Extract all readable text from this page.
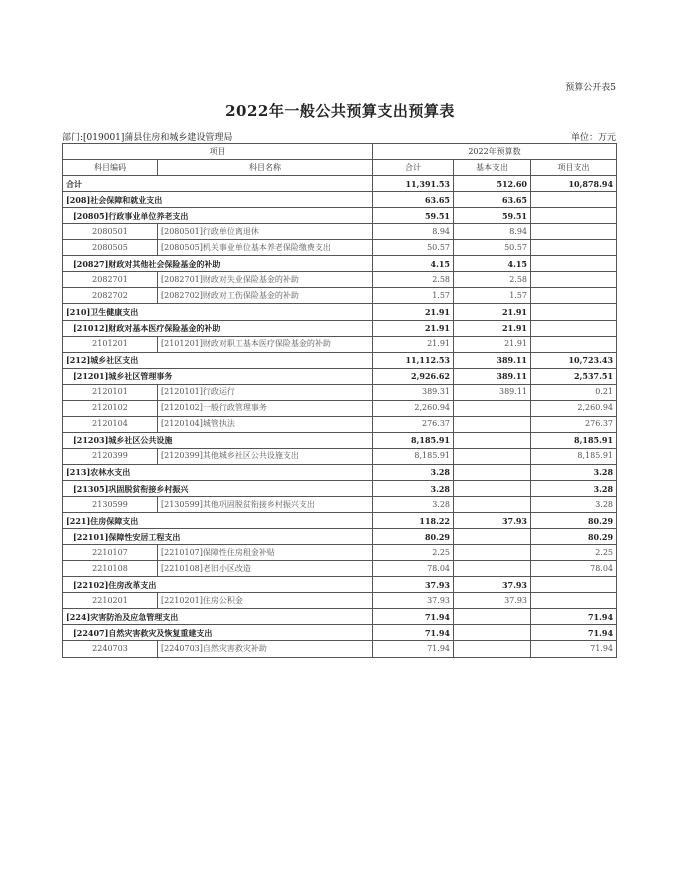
预算公开表5
2022年一般公共预算支出预算表
部门:[019001]蒲县住房和城乡建设管理局	单位：万元
项目		2022年预算数		
科目编码	科目名称	合计	基本支出	项目支出
合计		11,391.53	512.60	10,878.94
[208]社会保障和就业支出		63.65	63.65	
[20805]行政事业单位养老支出		59.51	59.51	
2080501	[2080501]行政单位离退休	8.94	8.94	
2080505	[2080505]机关事业单位基本养老保险缴费支出	50.57	50.57	
[20827]财政对其他社会保险基金的补助		4.15	4.15	
2082701	[2082701]财政对失业保险基金的补助	2.58	2.58	
2082702	[2082702]财政对工伤保险基金的补助	1.57	1.57	
[210]卫生健康支出		21.91	21.91	
[21012]财政对基本医疗保险基金的补助		21.91	21.91	
2101201	[2101201]财政对职工基本医疗保险基金的补助	21.91	21.91	
[212]城乡社区支出		11,112.53	389.11	10,723.43
[21201]城乡社区管理事务		2,926.62	389.11	2,537.51
2120101	[2120101]行政运行	389.31	389.11	0.21
2120102	[2120102]一般行政管理事务	2,260.94		2,260.94
2120104	[2120104]城管执法	276.37		276.37
[21203]城乡社区公共设施		8,185.91		8,185.91
2120399	[2120399]其他城乡社区公共设施支出	8,185.91		8,185.91
[213]农林水支出		3.28		3.28
[21305]巩固脱贫衔接乡村振兴		3.28		3.28
2130599	[2130599]其他巩固脱贫衔接乡村振兴支出	3.28		3.28
[221]住房保障支出		118.22	37.93	80.29
[22101]保障性安居工程支出		80.29		80.29
2210107	[2210107]保障性住房租金补贴	2.25		2.25
2210108	[2210108]老旧小区改造	78.04		78.04
[22102]住房改革支出		37.93	37.93	
2210201	[2210201]住房公积金	37.93	37.93	
[224]灾害防治及应急管理支出		71.94		71.94
[22407]自然灾害救灾及恢复重建支出		71.94		71.94
2240703	[2240703]自然灾害救灾补助	71.94		71.94
